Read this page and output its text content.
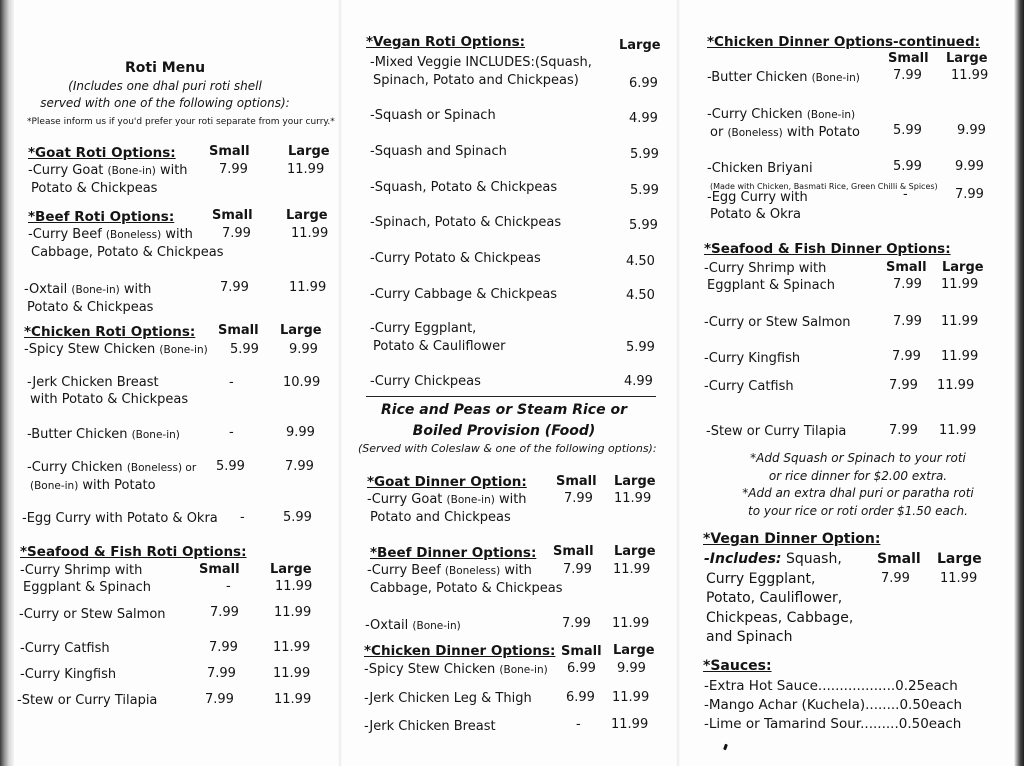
Roti Menu
(Includes one dhal puri roti shell
served with one of the following options):
*Please inform us if you'd prefer your roti separate from your curry.*
*Goat Roti Options:	Small	Large
-Curry Goat (Bone-in) with
Potato & Chickpeas
7.99	11.99
*Beef Roti Options:	Small	Large
-Curry Beef (Boneless) with
Cabbage, Potato & Chickpeas
7.99	11.99
-Oxtail (Bone-in) with
Potato & Chickpeas
7.99	11.99
*Chicken Roti Options: Small Large
-Spicy Stew Chicken (Bone-in) 5.99 9.99
-Jerk Chicken Breast
with Potato & Chickpeas
-	10.99
-Butter Chicken (Bone-in)	-	9.99
-Curry Chicken (Boneless) or
(Bone-in) with Potato
5.99	7.99
-Egg Curry with Potato & Okra -	5.99
*Seafood & Fish Roti Options:
Small Large
-Curry Shrimp with
Eggplant & Spinach	-	11.99
-Curry or Stew Salmon	7.99	11.99
-Curry Catfish	7.99	11.99
-Curry Kingfish	7.99	11.99
-Stew or Curry Tilapia	7.99	11.99
*Vegan Roti Options:	Large
-Mixed Veggie INCLUDES:(Squash,
Spinach, Potato and Chickpeas)	6.99
-Squash or Spinach	4.99
-Squash and Spinach	5.99
-Squash, Potato & Chickpeas	5.99
-Spinach, Potato & Chickpeas	5.99
-Curry Potato & Chickpeas	4.50
-Curry Cabbage & Chickpeas	4.50
-Curry Eggplant,
Potato & Cauliflower	5.99
-Curry Chickpeas	4.99
Rice and Peas or Steam Rice or
Boiled Provision (Food)
(Served with Coleslaw & one of the following options):
*Goat Dinner Option: Small Large
-Curry Goat (Bone-in) with
Potato and Chickpeas
7.99 11.99
*Beef Dinner Options: Small Large
-Curry Beef (Boneless) with
Cabbage, Potato & Chickpeas
7.99 11.99
-Oxtail (Bone-in)	7.99 11.99
*Chicken Dinner Options: Small Large
-Spicy Stew Chicken (Bone-in) 6.99 9.99
-Jerk Chicken Leg & Thigh	6.99 11.99
-Jerk Chicken Breast	- 11.99
*Chicken Dinner Options-continued:
Small Large
-Butter Chicken (Bone-in)	7.99 11.99
-Curry Chicken (Bone-in)
or (Boneless) with Potato	5.99	9.99
-Chicken Briyani
(Made with Chicken, Basmati Rice, Green Chilli & Spices)
5.99	9.99
-Egg Curry with
Potato & Okra
-	7.99
*Seafood & Fish Dinner Options:
Small Large
-Curry Shrimp with
Eggplant & Spinach	7.99 11.99
-Curry or Stew Salmon	7.99 11.99
-Curry Kingfish	7.99 11.99
-Curry Catfish	7.99 11.99
-Stew or Curry Tilapia	7.99 11.99
*Add Squash or Spinach to your roti
or rice dinner for $2.00 extra.
*Add an extra dhal puri or paratha roti
to your rice or roti order $1.50 each.
*Vegan Dinner Option:
Small Large
-Includes: Squash,
Curry Eggplant,
Potato, Cauliflower,
Chickpeas, Cabbage,
and Spinach
7.99 11.99
*Sauces:
-Extra Hot Sauce..................0.25each
-Mango Achar (Kuchela)........0.50each
-Lime or Tamarind Sour.........0.50each
